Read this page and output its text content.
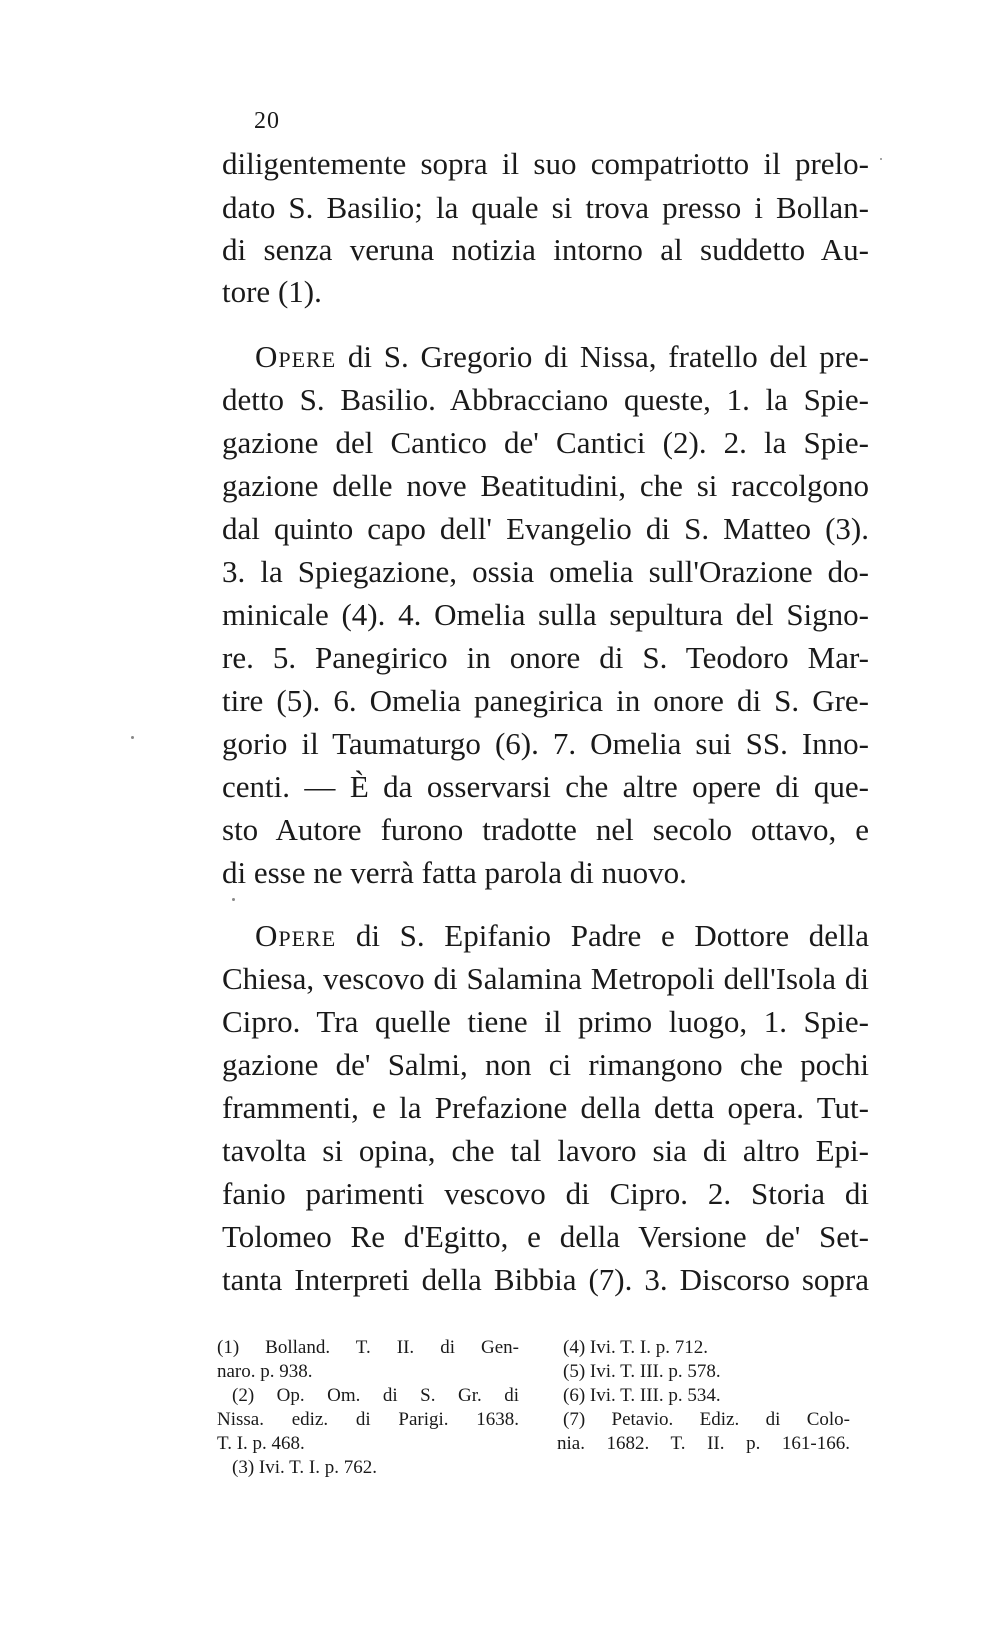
20
diligentemente sopra il suo compatriotto il prelo-
dato S. Basilio; la quale si trova presso i Bollan-
di senza veruna notizia intorno al suddetto Au-
tore (1).
Opere di S. Gregorio di Nissa, fratello del pre-
detto S. Basilio. Abbracciano queste, 1. la Spie-
gazione del Cantico de' Cantici (2). 2. la Spie-
gazione delle nove Beatitudini, che si raccolgono
dal quinto capo dell' Evangelio di S. Matteo (3).
3. la Spiegazione, ossia omelia sull'Orazione do-
minicale (4). 4. Omelia sulla sepultura del Signo-
re. 5. Panegirico in onore di S. Teodoro Mar-
tire (5). 6. Omelia panegirica in onore di S. Gre-
gorio il Taumaturgo (6). 7. Omelia sui SS. Inno-
centi. — È da osservarsi che altre opere di que-
sto Autore furono tradotte nel secolo ottavo, e
di esse ne verrà fatta parola di nuovo.
Opere di S. Epifanio Padre e Dottore della
Chiesa, vescovo di Salamina Metropoli dell'Isola di
Cipro. Tra quelle tiene il primo luogo, 1. Spie-
gazione de' Salmi, non ci rimangono che pochi
frammenti, e la Prefazione della detta opera. Tut-
tavolta si opina, che tal lavoro sia di altro Epi-
fanio parimenti vescovo di Cipro. 2. Storia di
Tolomeo Re d'Egitto, e della Versione de' Set-
tanta Interpreti della Bibbia (7). 3. Discorso sopra
(1) Bolland. T. II. di Gen-
naro. p. 938.
(2) Op. Om. di S. Gr. di
Nissa. ediz. di Parigi. 1638.
T. I. p. 468.
(3) Ivi. T. I. p. 762.
(4) Ivi. T. I. p. 712.
(5) Ivi. T. III. p. 578.
(6) Ivi. T. III. p. 534.
(7) Petavio. Ediz. di Colo-
nia. 1682. T. II. p. 161-166.
